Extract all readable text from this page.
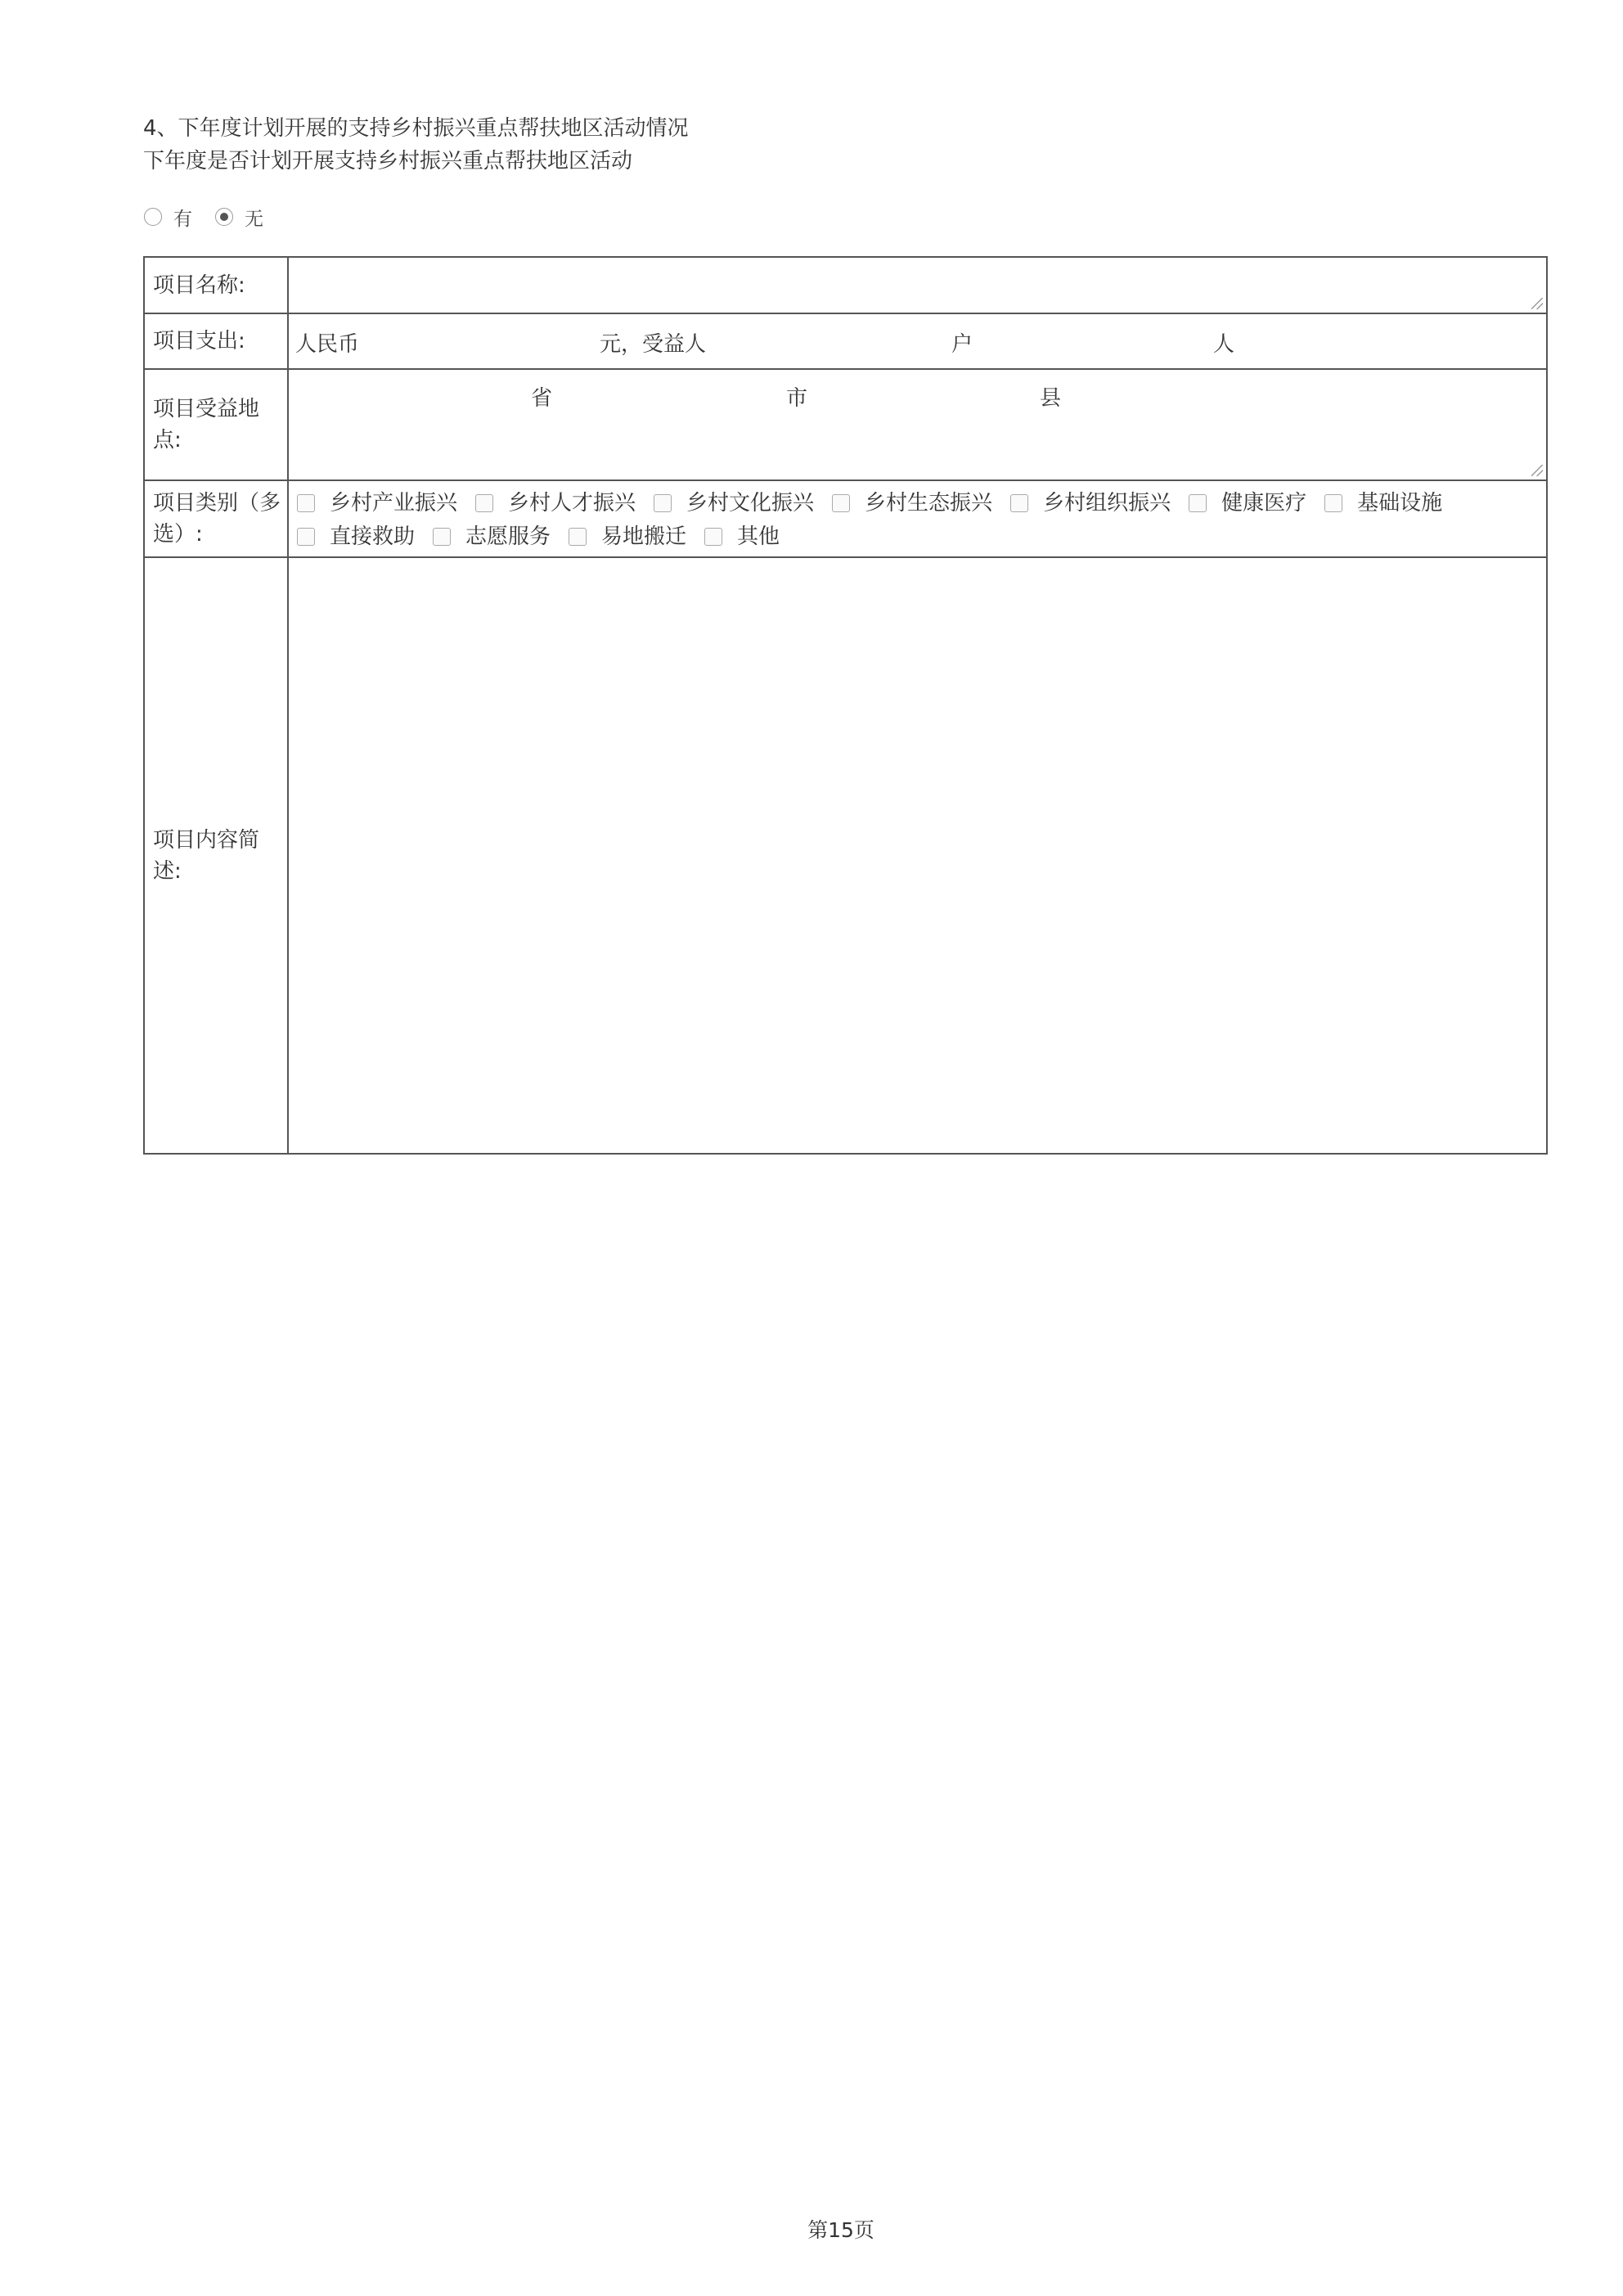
4、下年度计划开展的支持乡村振兴重点帮扶地区活动情况
下年度是否计划开展支持乡村振兴重点帮扶地区活动
有	无
项目名称:
项目支出:	人民币	元，受益人	户	人
项目受益地点:
省	市	县
项目类别（多选）:
乡村产业振兴 乡村人才振兴 乡村文化振兴 乡村生态振兴 乡村组织振兴 健康医疗 基础设施

直接救助 志愿服务 易地搬迁 其他
项目内容简述:
第15页
